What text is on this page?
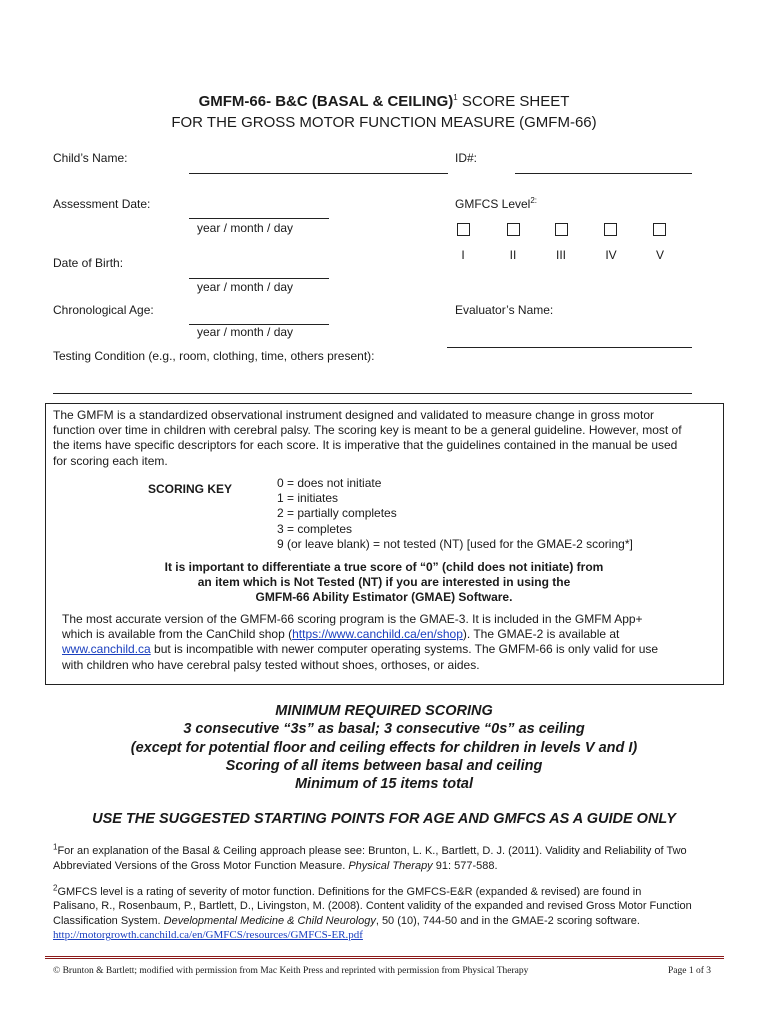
GMFM-66- B&C (BASAL & CEILING)$^1$ SCORE SHEET
FOR THE GROSS MOTOR FUNCTION MEASURE (GMFM-66)
Child’s Name:	ID#:
Assessment Date:
year / month / day
GMFCS Level$^{2:}$
I	II	III	IV	V
Date of Birth:
year / month / day
Chronological Age:
year / month / day
Evaluator’s Name:
Testing Condition (e.g., room, clothing, time, others present):
The GMFM is a standardized observational instrument designed and validated to measure change in gross motor
function over time in children with cerebral palsy. The scoring key is meant to be a general guideline. However, most of
the items have specific descriptors for each score. It is imperative that the guidelines contained in the manual be used
for scoring each item.
SCORING KEY	0 = does not initiate
1 = initiates
2 = partially completes
3 = completes
9 (or leave blank) = not tested (NT) [used for the GMAE-2 scoring*]
It is important to differentiate a true score of “0” (child does not initiate) from
an item which is Not Tested (NT) if you are interested in using the
GMFM-66 Ability Estimator (GMAE) Software.
The most accurate version of the GMFM-66 scoring program is the GMAE-3. It is included in the GMFM App+
which is available from the CanChild shop (https://www.canchild.ca/en/shop). The GMAE-2 is available at
www.canchild.ca but is incompatible with newer computer operating systems. The GMFM-66 is only valid for use
with children who have cerebral palsy tested without shoes, orthoses, or aides.
MINIMUM REQUIRED SCORING
3 consecutive “3s” as basal; 3 consecutive “0s” as ceiling
(except for potential floor and ceiling effects for children in levels V and I)
Scoring of all items between basal and ceiling
Minimum of 15 items total
USE THE SUGGESTED STARTING POINTS FOR AGE AND GMFCS AS A GUIDE ONLY
$^1$For an explanation of the Basal & Ceiling approach please see: Brunton, L. K., Bartlett, D. J. (2011). Validity and Reliability of Two
Abbreviated Versions of the Gross Motor Function Measure. Physical Therapy 91: 577-588.
$^2$GMFCS level is a rating of severity of motor function. Definitions for the GMFCS-E&R (expanded & revised) are found in
Palisano, R., Rosenbaum, P., Bartlett, D., Livingston, M. (2008). Content validity of the expanded and revised Gross Motor Function
Classification System. Developmental Medicine & Child Neurology, 50 (10), 744-50 and in the GMAE-2 scoring software.
http://motorgrowth.canchild.ca/en/GMFCS/resources/GMFCS-ER.pdf
© Brunton & Bartlett; modified with permission from Mac Keith Press and reprinted with permission from Physical Therapy	Page 1 of 3
